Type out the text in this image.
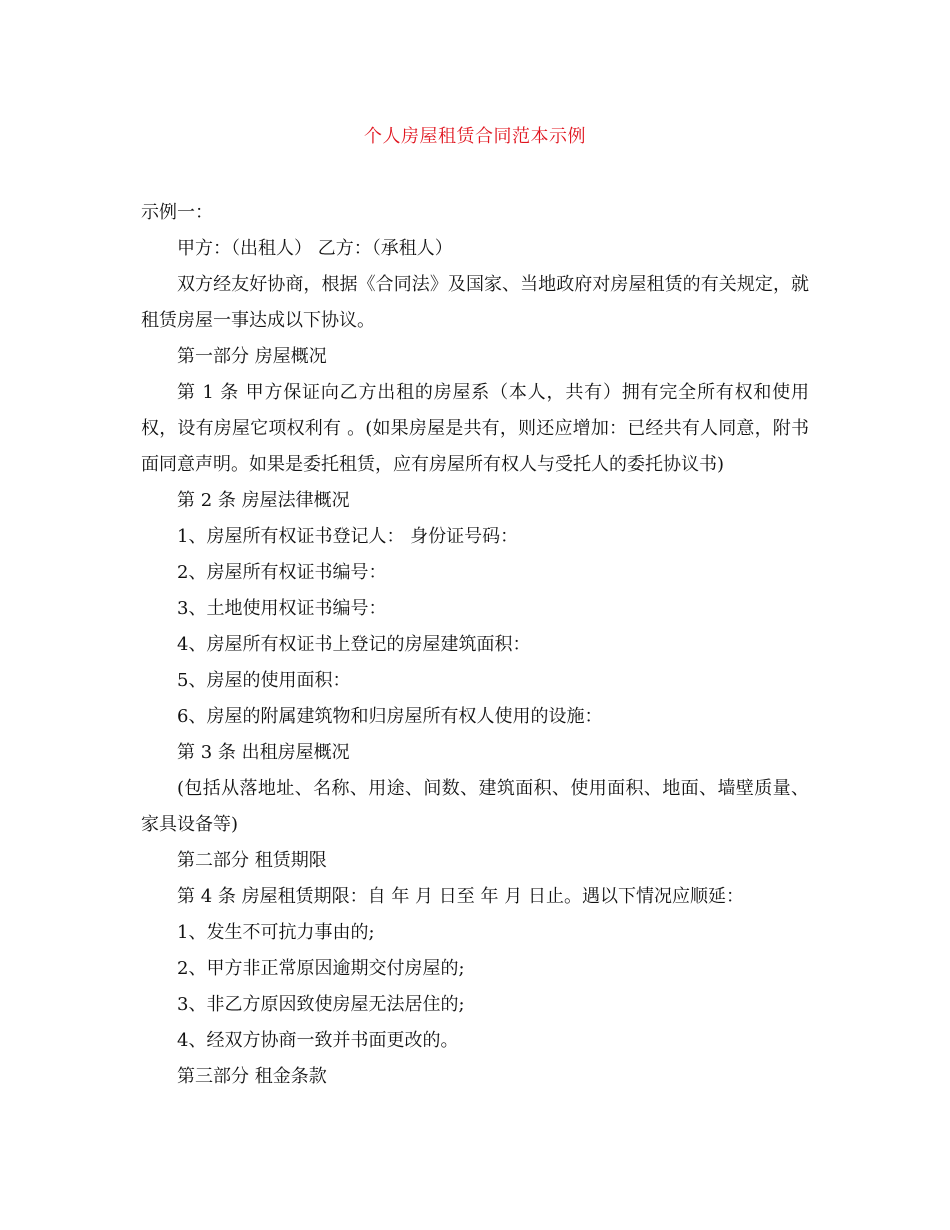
个人房屋租赁合同范本示例

示例一：

甲方：（出租人） 乙方：（承租人）

双方经友好协商，根据《合同法》及国家、当地政府对房屋租赁的有关规定，就租赁房屋一事达成以下协议。

第一部分 房屋概况

第 1 条 甲方保证向乙方出租的房屋系（本人，共有）拥有完全所有权和使用权，设有房屋它项权利有 。(如果房屋是共有，则还应增加：已经共有人同意，附书面同意声明。如果是委托租赁，应有房屋所有权人与受托人的委托协议书)

第 2 条 房屋法律概况

1、房屋所有权证书登记人： 身份证号码：

2、房屋所有权证书编号：

3、土地使用权证书编号：

4、房屋所有权证书上登记的房屋建筑面积：

5、房屋的使用面积：

6、房屋的附属建筑物和归房屋所有权人使用的设施：

第 3 条 出租房屋概况

(包括从落地址、名称、用途、间数、建筑面积、使用面积、地面、墙壁质量、家具设备等)

第二部分 租赁期限

第 4 条 房屋租赁期限：自 年 月 日至 年 月 日止。遇以下情况应顺延：

1、发生不可抗力事由的;

2、甲方非正常原因逾期交付房屋的;

3、非乙方原因致使房屋无法居住的;

4、经双方协商一致并书面更改的。

第三部分 租金条款
